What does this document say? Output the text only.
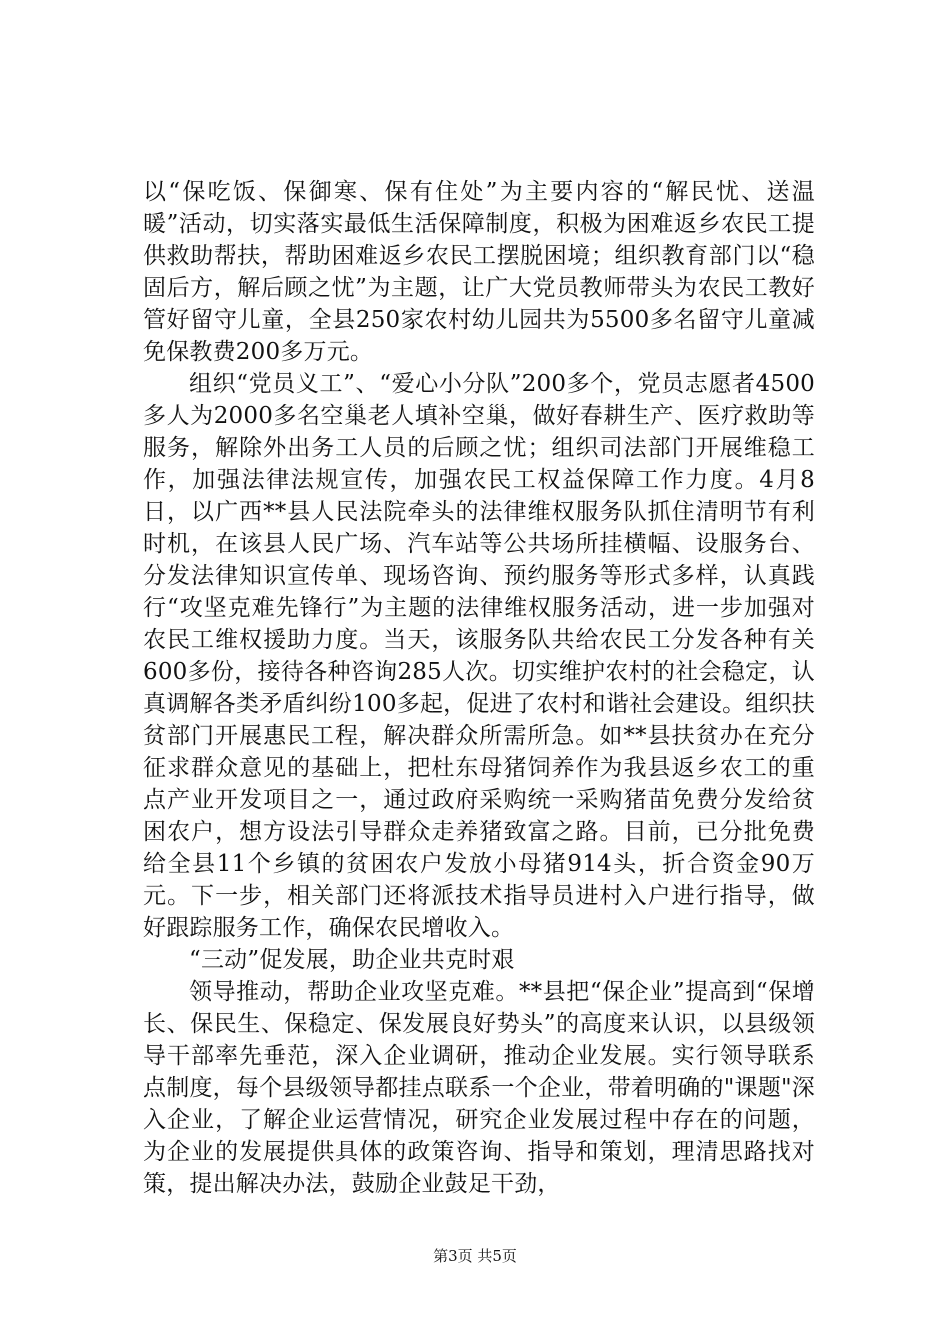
以“保吃饭、保御寒、保有住处”为主要内容的“解民忧、送温暖”活动，切实落实最低生活保障制度，积极为困难返乡农民工提供救助帮扶，帮助困难返乡农民工摆脱困境；组织教育部门以“稳固后方，解后顾之忧”为主题，让广大党员教师带头为农民工教好管好留守儿童，全县250家农村幼儿园共为5500多名留守儿童减免保教费200多万元。

组织“党员义工”、“爱心小分队”200多个，党员志愿者4500多人为2000多名空巢老人填补空巢，做好春耕生产、医疗救助等服务，解除外出务工人员的后顾之忧；组织司法部门开展维稳工作，加强法律法规宣传，加强农民工权益保障工作力度。4月8日，以广西**县人民法院牵头的法律维权服务队抓住清明节有利时机，在该县人民广场、汽车站等公共场所挂横幅、设服务台、分发法律知识宣传单、现场咨询、预约服务等形式多样，认真践行“攻坚克难先锋行”为主题的法律维权服务活动，进一步加强对农民工维权援助力度。当天，该服务队共给农民工分发各种有关600多份，接待各种咨询285人次。切实维护农村的社会稳定，认真调解各类矛盾纠纷100多起，促进了农村和谐社会建设。组织扶贫部门开展惠民工程，解决群众所需所急。如**县扶贫办在充分征求群众意见的基础上，把杜东母猪饲养作为我县返乡农工的重点产业开发项目之一，通过政府采购统一采购猪苗免费分发给贫困农户，想方设法引导群众走养猪致富之路。目前，已分批免费给全县11个乡镇的贫困农户发放小母猪914头，折合资金90万元。下一步，相关部门还将派技术指导员进村入户进行指导，做好跟踪服务工作，确保农民增收入。

“三动”促发展，助企业共克时艰

领导推动，帮助企业攻坚克难。**县把“保企业”提高到“保增长、保民生、保稳定、保发展良好势头”的高度来认识，以县级领导干部率先垂范，深入企业调研，推动企业发展。实行领导联系点制度，每个县级领导都挂点联系一个企业，带着明确的"课题"深入企业，了解企业运营情况，研究企业发展过程中存在的问题，为企业的发展提供具体的政策咨询、指导和策划，理清思路找对策，提出解决办法，鼓励企业鼓足干劲，

第3页 共5页
